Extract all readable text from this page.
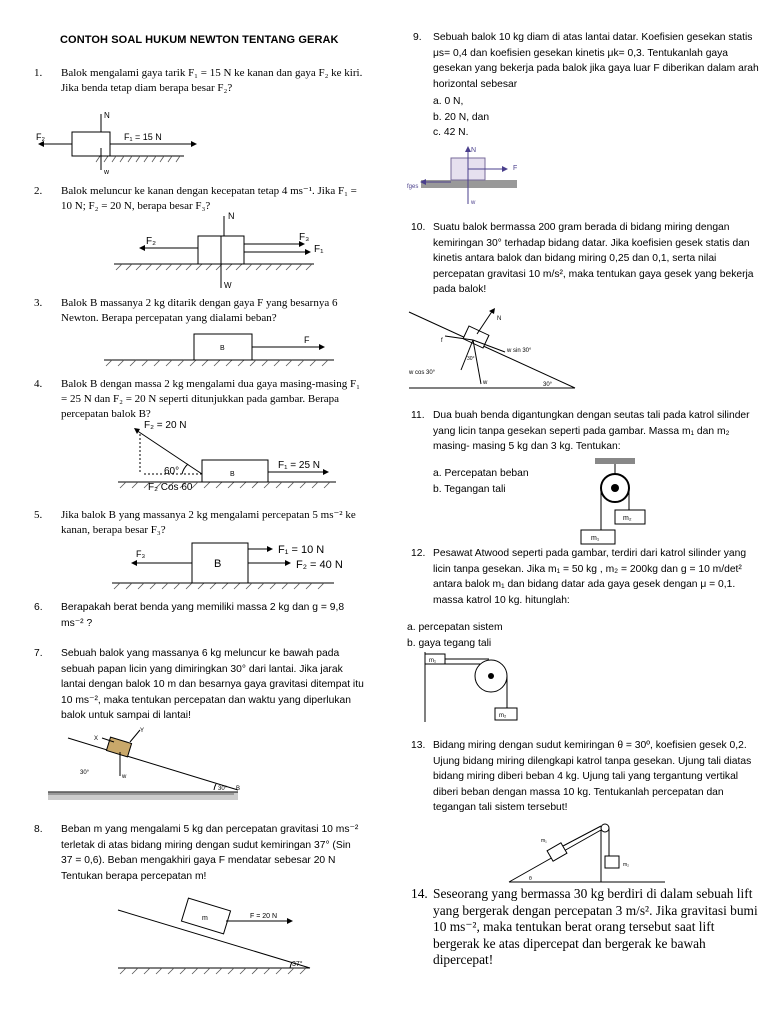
CONTOH SOAL HUKUM NEWTON TENTANG GERAK
1.	Balok mengalami gaya tarik F₁ = 15 N ke kanan dan gaya F₂ ke kiri. Jika benda tetap diam berapa besar F₂?
N
w
F₁ = 15 N
F₂
2.	Balok meluncur ke kanan dengan kecepatan tetap 4 ms⁻¹. Jika F₁ = 10 N; F₂ = 20 N, berapa besar F₃?
N
W
F₂	F₃
F₁
3.	Balok B massanya 2 kg ditarik dengan gaya F yang besarnya 6 Newton. Berapa percepatan yang dialami beban?
B
F
4.	Balok B dengan massa 2 kg mengalami dua gaya masing-masing F₁ = 25 N dan F₂ = 20 N seperti ditunjukkan pada gambar. Berapa percepatan balok B?
F₂ = 20 N
60°	B
F₁ = 25 N
F₂ Cos 60
5.	Jika balok B yang massanya 2 kg mengalami percepatan 5 ms⁻² ke kanan, berapa besar F₃?
F₃
B
F₁ = 10 N
F₂ = 40 N
6.	Berapakah berat benda yang memiliki massa 2 kg dan g = 9,8 ms⁻² ?
7.	Sebuah balok yang massanya 6 kg meluncur ke bawah pada sebuah papan licin yang dimiringkan 30° dari lantai. Jika jarak lantai dengan balok 10 m dan besarnya gaya gravitasi ditempat itu 10 ms⁻², maka tentukan percepatan dan waktu yang diperlukan balok untuk sampai di lantai!
Y
X
w
30°
30° B
8.	Beban m yang mengalami 5 kg dan percepatan gravitasi 10 ms⁻² terletak di atas bidang miring dengan sudut kemiringan 37° (Sin 37 = 0,6). Beban mengakhiri gaya F mendatar sebesar 20 N Tentukan berapa percepatan m!
m	F = 20 N
37°
9.	Sebuah balok 10 kg diam di atas lantai datar. Koefisien gesekan statis μs= 0,4 dan koefisien gesekan kinetis μk= 0,3. Tentukanlah gaya gesekan yang bekerja pada balok jika gaya luar F diberikan dalam arah horizontal sebesar
a. 0 N,
b. 20 N, dan
c. 42 N.
N
F
fges
w
10. Suatu balok bermassa 200 gram berada di bidang miring dengan kemiringan 30° terhadap bidang datar. Jika koefisien gesek statis dan kinetis antara balok dan bidang miring 0,25 dan 0,1, serta nilai percepatan gravitasi 10 m/s², maka tentukan gaya gesek yang bekerja pada balok!
N
f
w sin 30°
w cos 30°
30°
w	30°
11. Dua buah benda digantungkan dengan seutas tali pada katrol silinder yang licin tanpa gesekan seperti pada gambar. Massa m₁ dan m₂ masing- masing 5 kg dan 3 kg. Tentukan:
a. Percepatan beban
b. Tegangan tali
m₁
m₂
12. Pesawat Atwood seperti pada gambar, terdiri dari katrol silinder yang licin tanpa gesekan. Jika m₁ = 50 kg , m₂ = 200kg dan g = 10 m/det² antara balok m₁ dan bidang datar ada gaya gesek dengan μ = 0,1. massa katrol 10 kg. hitunglah:
a. percepatan sistem
b. gaya tegang tali
m₁
m₂
13. Bidang miring dengan sudut kemiringan θ = 30º, koefisien gesek 0,2. Ujung bidang miring dilengkapi katrol tanpa gesekan. Ujung tali diatas bidang miring diberi beban 4 kg. Ujung tali yang tergantung vertikal diberi beban dengan massa 10 kg. Tentukanlah percepatan dan tegangan tali sistem tersebut!
m₁
m₂
θ
14. Seseorang yang bermassa 30 kg berdiri di dalam sebuah lift yang bergerak dengan percepatan 3 m/s². Jika gravitasi bumi 10 ms⁻², maka tentukan berat orang tersebut saat lift bergerak ke atas dipercepat dan bergerak ke bawah dipercepat!
